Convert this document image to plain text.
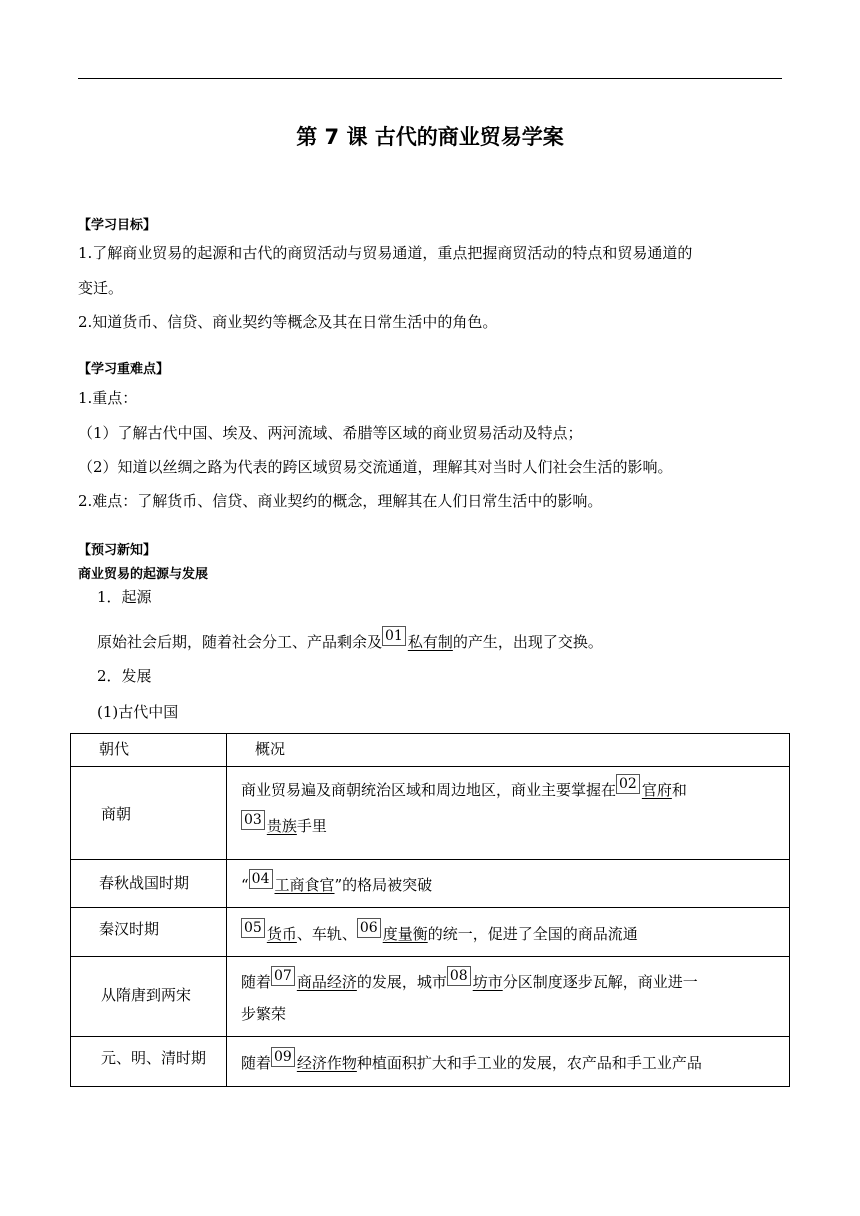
第 7 课 古代的商业贸易学案
【学习目标】
1.了解商业贸易的起源和古代的商贸活动与贸易通道，重点把握商贸活动的特点和贸易通道的
变迁。
2.知道货币、信贷、商业契约等概念及其在日常生活中的角色。
【学习重难点】
1.重点：
（1）了解古代中国、埃及、两河流域、希腊等区域的商业贸易活动及特点；
（2）知道以丝绸之路为代表的跨区域贸易交流通道，理解其对当时人们社会生活的影响。
2.难点：了解货币、信贷、商业契约的概念，理解其在人们日常生活中的影响。
【预习新知】
商业贸易的起源与发展
1．起源
原始社会后期，随着社会分工、产品剩余及 01 私有制的产生，出现了交换。
2．发展
(1)古代中国
朝代	概况
商朝	商业贸易遍及商朝统治区域和周边地区，商业主要掌握在 02 官府和
03 贵族手里

春秋战国时期	“ 04 工商食官”的格局被突破

秦汉时期	05 货币、车轨、 06 度量衡的统一，促进了全国的商品流通

从隋唐到两宋	随着 07 商品经济的发展，城市 08 坊市分区制度逐步瓦解，商业进一
步繁荣

元、明、清时期	随着 09 经济作物种植面积扩大和手工业的发展，农产品和手工业产品
